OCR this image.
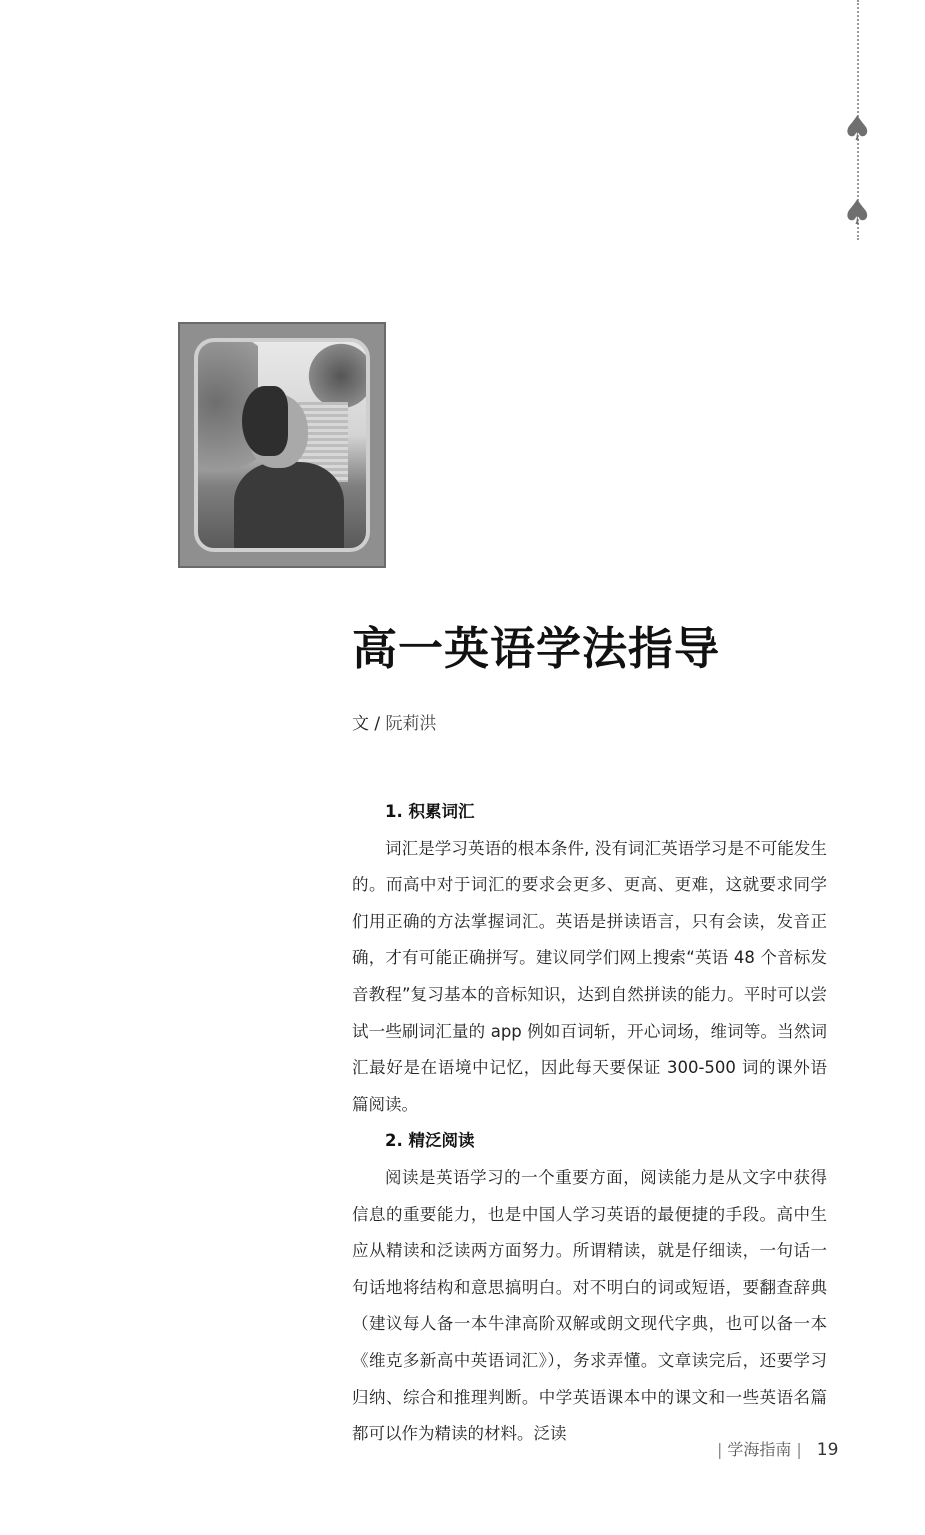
♠
♠
高一英语学法指导
文 / 阮莉洪
1. 积累词汇

词汇是学习英语的根本条件, 没有词汇英语学习是不可能发生的。而高中对于词汇的要求会更多、更高、更难，这就要求同学们用正确的方法掌握词汇。英语是拼读语言，只有会读，发音正确，才有可能正确拼写。建议同学们网上搜索“英语 48 个音标发音教程”复习基本的音标知识，达到自然拼读的能力。平时可以尝试一些刷词汇量的 app 例如百词斩，开心词场，维词等。当然词汇最好是在语境中记忆，因此每天要保证 300-500 词的课外语篇阅读。

2. 精泛阅读

阅读是英语学习的一个重要方面，阅读能力是从文字中获得信息的重要能力，也是中国人学习英语的最便捷的手段。高中生应从精读和泛读两方面努力。所谓精读，就是仔细读，一句话一句话地将结构和意思搞明白。对不明白的词或短语，要翻查辞典（建议每人备一本牛津高阶双解或朗文现代字典，也可以备一本《维克多新高中英语词汇》），务求弄懂。文章读完后，还要学习归纳、综合和推理判断。中学英语课本中的课文和一些英语名篇都可以作为精读的材料。泛读

| 学海指南 | 19
